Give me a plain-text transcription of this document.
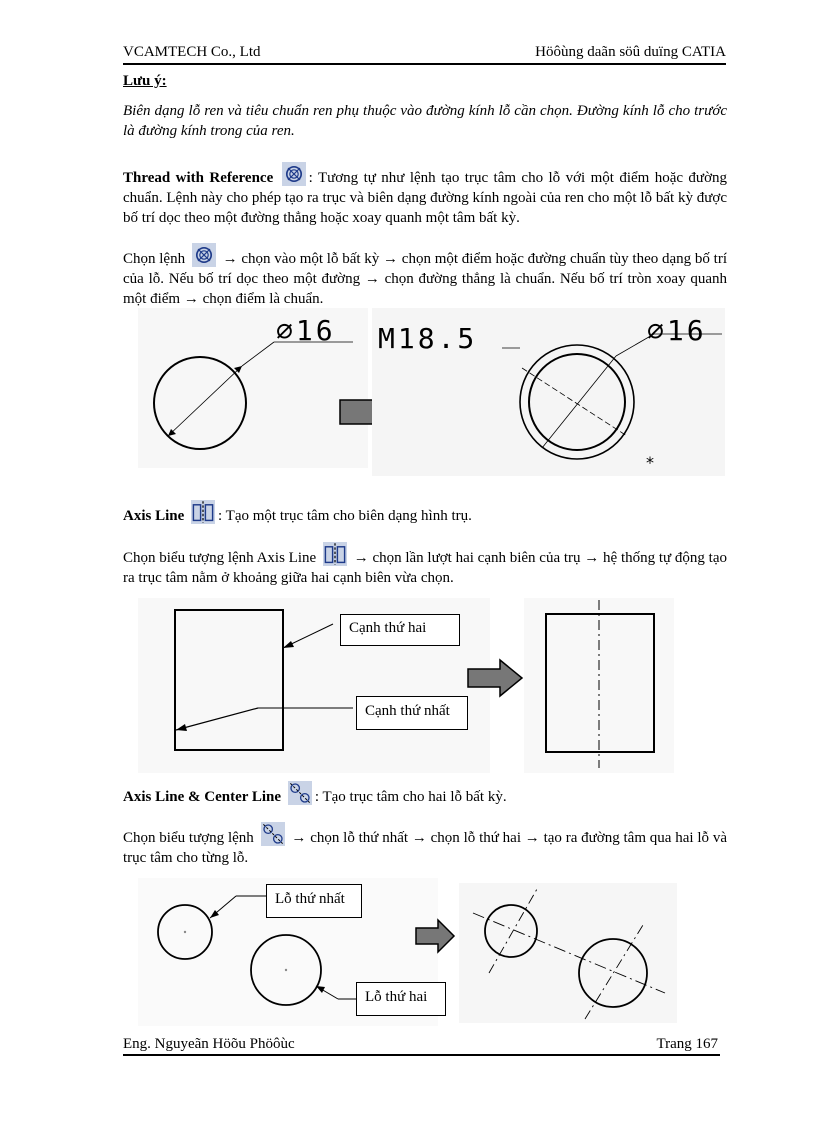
VCAMTECH Co., Ltd	Höôùng daãn söû duïng CATIA
Lưu ý:

Biên dạng lỗ ren và tiêu chuẩn ren phụ thuộc vào đường kính lỗ cần chọn. Đường kính lỗ cho trước là đường kính trong của ren.

Thread with Reference : Tương tự như lệnh tạo trục tâm cho lỗ với một điểm hoặc đường chuẩn. Lệnh này cho phép tạo ra trục và biên dạng đường kính ngoài của ren cho một lỗ bất kỳ được bố trí dọc theo một đường thẳng hoặc xoay quanh một tâm bất kỳ.

Chọn lệnh	→ chọn vào một lỗ bất kỳ → chọn một điểm hoặc đường chuẩn tùy theo dạng bố trí của lỗ. Nếu bố trí dọc theo một đường → chọn đường thẳng là chuẩn. Nếu bố trí tròn xoay quanh một điểm → chọn điểm là chuẩn.

⌀16
*
M18.5	⌀16

Axis Line : Tạo một trục tâm cho biên dạng hình trụ.

Chọn biểu tượng lệnh Axis Line	→ chọn lần lượt hai cạnh biên của trụ → hệ thống tự động tạo ra trục tâm nằm ở khoảng giữa hai cạnh biên vừa chọn.

Cạnh thứ hai
Cạnh thứ nhất

Axis Line & Center Line : Tạo trục tâm cho hai lỗ bất kỳ.

Chọn biểu tượng lệnh	→ chọn lỗ thứ nhất → chọn lỗ thứ hai → tạo ra đường tâm qua hai lỗ và trục tâm cho từng lỗ.

Lỗ thứ nhất
Lỗ thứ hai
Eng. Nguyeãn Höõu Phöôùc	Trang 167
